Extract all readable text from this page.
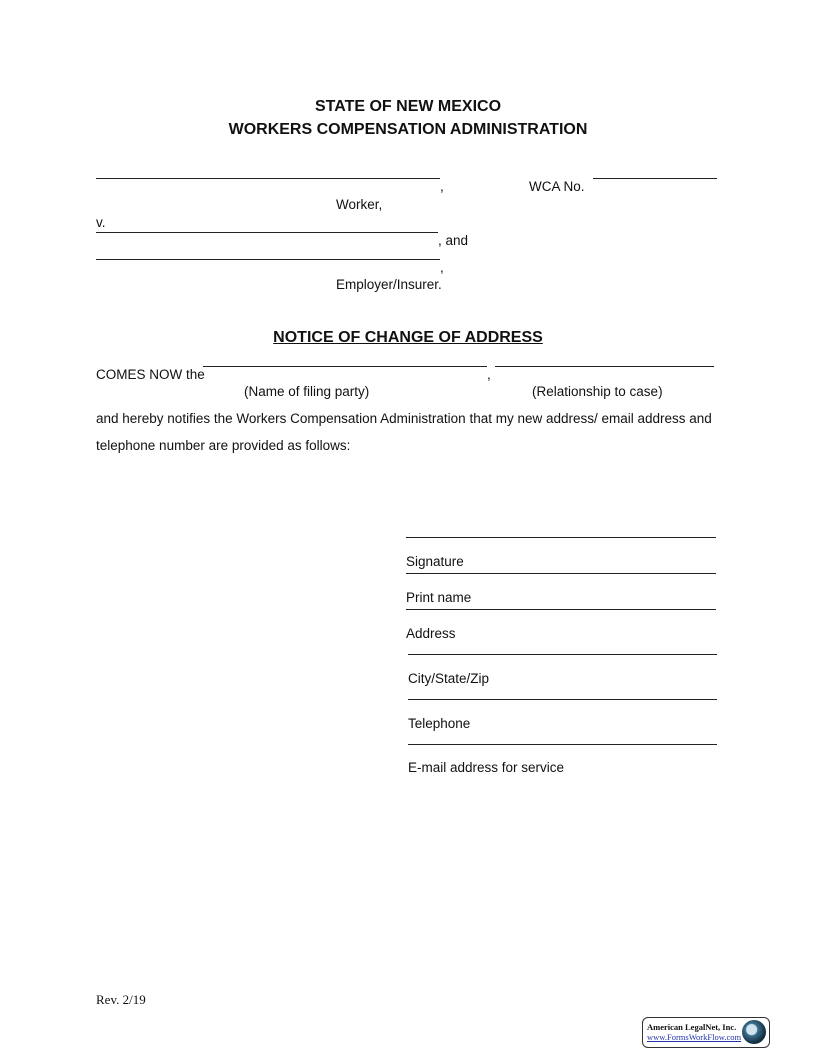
STATE OF NEW MEXICO
WORKERS COMPENSATION ADMINISTRATION
,	WCA No.
Worker,
v.
, and
,
Employer/Insurer.
NOTICE OF CHANGE OF ADDRESS
COMES NOW the	,
(Name of filing party)	(Relationship to case)
and hereby notifies the Workers Compensation Administration that my new address/ email address and
telephone number are provided as follows:
Signature
Print name
Address
City/State/Zip
Telephone
E-mail address for service
Rev. 2/19
American LegalNet, Inc.
www.FormsWorkFlow.com
